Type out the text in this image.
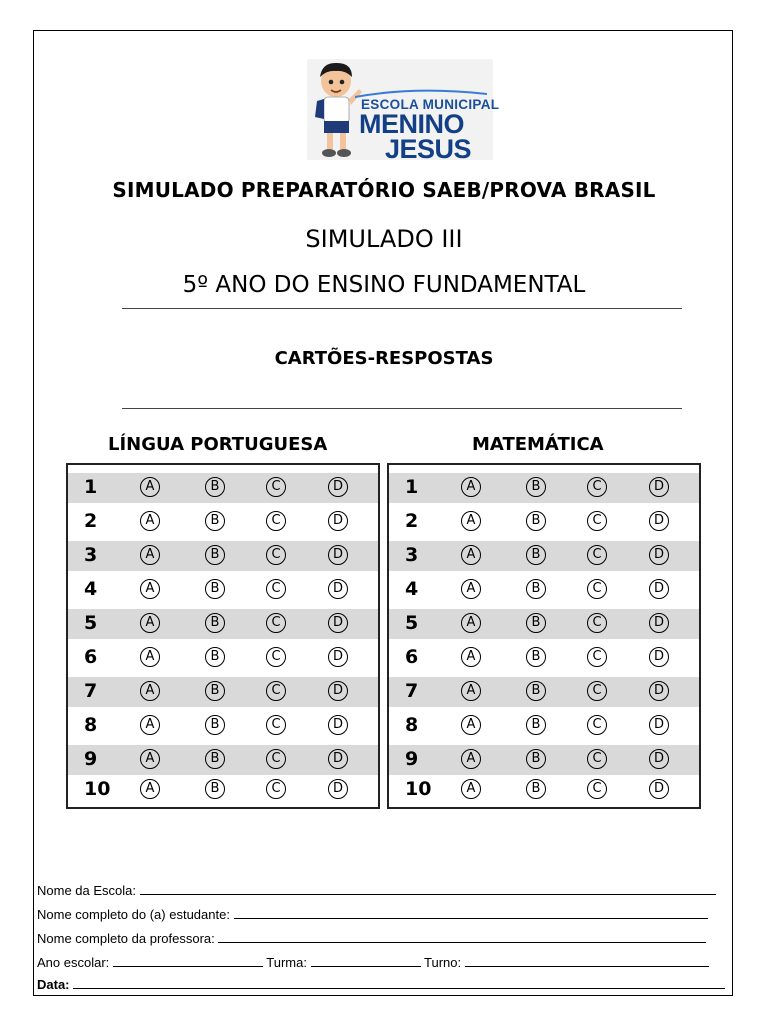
ESCOLA MUNICIPAL
MENINO
JESUS
SIMULADO PREPARATÓRIO SAEB/PROVA BRASIL
SIMULADO III
5º ANO DO ENSINO FUNDAMENTAL
CARTÕES-RESPOSTAS
LÍNGUA PORTUGUESA	MATEMÁTICA
1	A	B	C	D
2	A	B	C	D
3	A	B	C	D
4	A	B	C	D
5	A	B	C	D
6	A	B	C	D
7	A	B	C	D
8	A	B	C	D
9	A	B	C	D
10	A	B	C	D
1	A	B	C	D
2	A	B	C	D
3	A	B	C	D
4	A	B	C	D
5	A	B	C	D
6	A	B	C	D
7	A	B	C	D
8	A	B	C	D
9	A	B	C	D
10	A	B	C	D
Nome da Escola:
Nome completo do (a) estudante:
Nome completo da professora:
Ano escolar:	Turma:	Turno:
Data:
